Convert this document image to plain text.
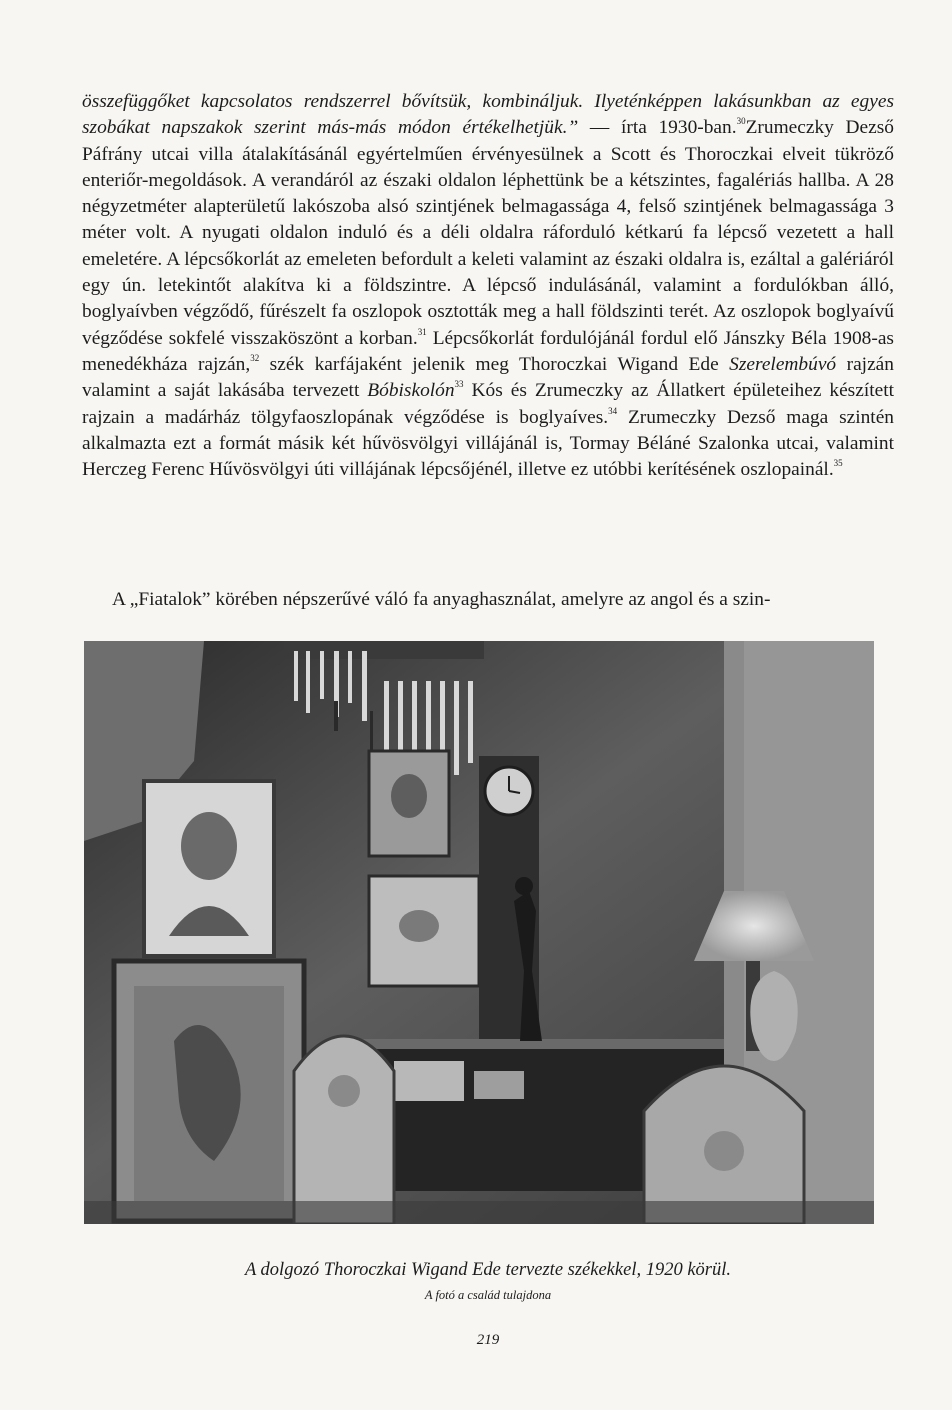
összefüggőket kapcsolatos rendszerrel bővítsük, kombináljuk. Ilyeténképpen lakásunkban az egyes szobákat napszakok szerint más-más módon értékelhetjük.” — írta 1930-ban.$^{30}$Zrumeczky Dezső Páfrány utcai villa átalakításánál egyértelműen érvényesülnek a Scott és Thoroczkai elveit tükröző enteriőr-megoldások. A verandáról az északi oldalon léphettünk be a kétszintes, fagalériás hallba. A 28 négyzetméter alapterületű lakószoba alsó szintjének belmagassága 4, felső szintjének belmagassága 3 méter volt. A nyugati oldalon induló és a déli oldalra ráforduló kétkarú fa lépcső vezetett a hall emeletére. A lépcsőkorlát az emeleten befordult a keleti valamint az északi oldalra is, ezáltal a galériáról egy ún. letekintőt alakítva ki a földszintre. A lépcső indulásánál, valamint a fordulókban álló, boglyaívben végződő, fűrészelt fa oszlopok osztották meg a hall földszinti terét. Az oszlopok boglyaívű végződése sokfelé visszaköszönt a korban.$^{31}$ Lépcsőkorlát fordulójánál fordul elő Jánszky Béla 1908-as menedékháza rajzán,$^{32}$ szék karfájaként jelenik meg Thoroczkai Wigand Ede Szerelembúvó rajzán valamint a saját lakásába tervezett Bóbiskolón$^{33}$ Kós és Zrumeczky az Állatkert épületeihez készített rajzain a madárház tölgyfaoszlopának végződése is boglyaíves.$^{34}$ Zrumeczky Dezső maga szintén alkalmazta ezt a formát másik két hűvösvölgyi villájánál is, Tormay Béláné Szalonka utcai, valamint Herczeg Ferenc Hűvösvölgyi úti villájának lépcsőjénél, illetve ez utóbbi kerítésének oszlopainál.$^{35}$

A „Fiatalok” körében népszerűvé váló fa anyaghasználat, amelyre az angol és a szin-

A dolgozó Thoroczkai Wigand Ede tervezte székekkel, 1920 körül.

A fotó a család tulajdona

219
